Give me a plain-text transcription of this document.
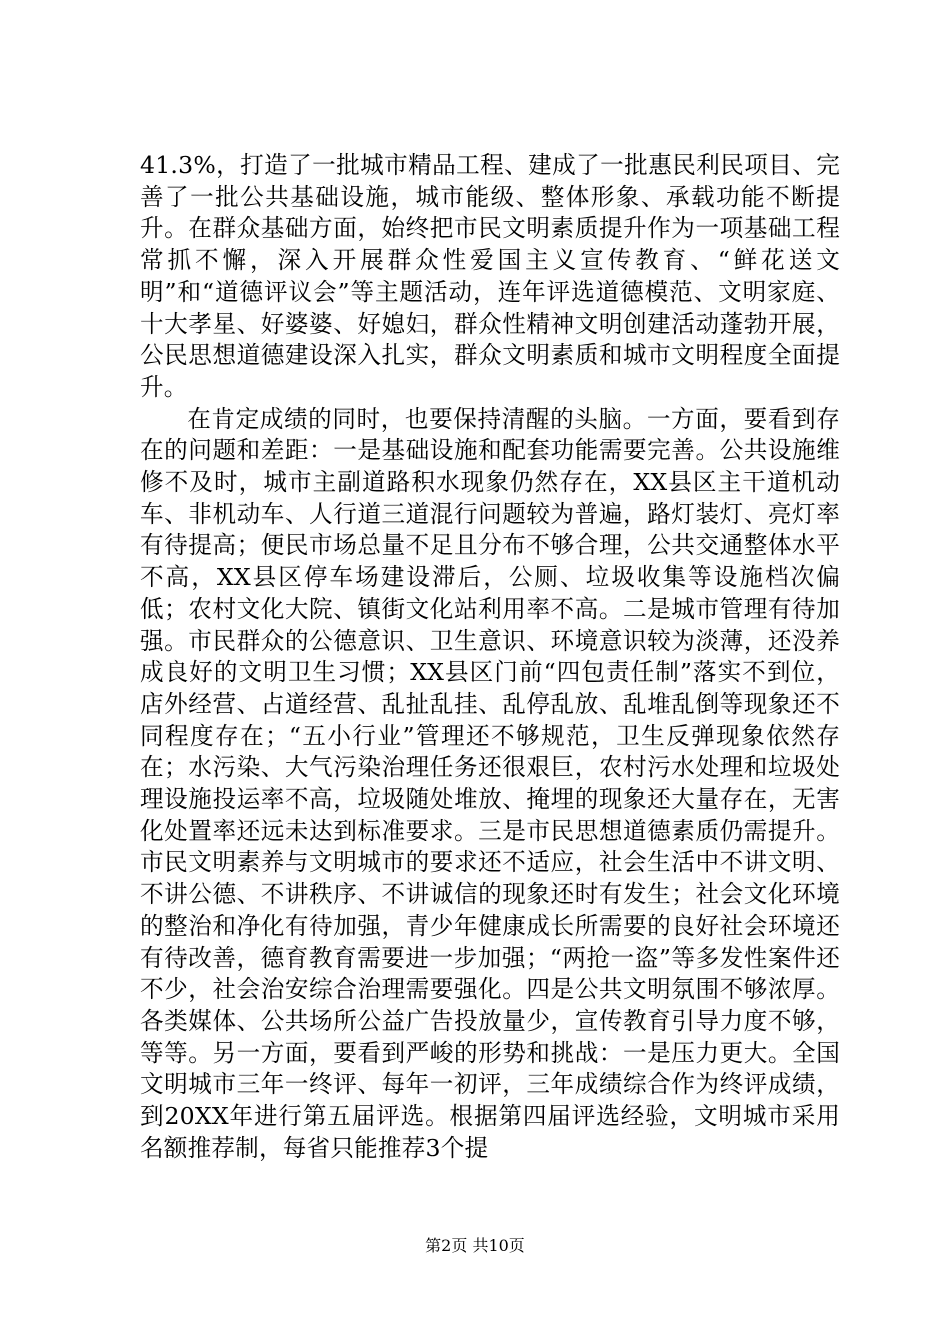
41.3%，打造了一批城市精品工程、建成了一批惠民利民项目、完善了一批公共基础设施，城市能级、整体形象、承载功能不断提升。在群众基础方面，始终把市民文明素质提升作为一项基础工程常抓不懈，深入开展群众性爱国主义宣传教育、“鲜花送文明”和“道德评议会”等主题活动，连年评选道德模范、文明家庭、十大孝星、好婆婆、好媳妇，群众性精神文明创建活动蓬勃开展，公民思想道德建设深入扎实，群众文明素质和城市文明程度全面提升。

在肯定成绩的同时，也要保持清醒的头脑。一方面，要看到存在的问题和差距：一是基础设施和配套功能需要完善。公共设施维修不及时，城市主副道路积水现象仍然存在，XX县区主干道机动车、非机动车、人行道三道混行问题较为普遍，路灯装灯、亮灯率有待提高；便民市场总量不足且分布不够合理，公共交通整体水平不高，XX县区停车场建设滞后，公厕、垃圾收集等设施档次偏低；农村文化大院、镇街文化站利用率不高。二是城市管理有待加强。市民群众的公德意识、卫生意识、环境意识较为淡薄，还没养成良好的文明卫生习惯；XX县区门前“四包责任制”落实不到位，店外经营、占道经营、乱扯乱挂、乱停乱放、乱堆乱倒等现象还不同程度存在；“五小行业”管理还不够规范，卫生反弹现象依然存在；水污染、大气污染治理任务还很艰巨，农村污水处理和垃圾处理设施投运率不高，垃圾随处堆放、掩埋的现象还大量存在，无害化处置率还远未达到标准要求。三是市民思想道德素质仍需提升。市民文明素养与文明城市的要求还不适应，社会生活中不讲文明、不讲公德、不讲秩序、不讲诚信的现象还时有发生；社会文化环境的整治和净化有待加强，青少年健康成长所需要的良好社会环境还有待改善，德育教育需要进一步加强；“两抢一盗”等多发性案件还不少，社会治安综合治理需要强化。四是公共文明氛围不够浓厚。各类媒体、公共场所公益广告投放量少，宣传教育引导力度不够，等等。另一方面，要看到严峻的形势和挑战：一是压力更大。全国文明城市三年一终评、每年一初评，三年成绩综合作为终评成绩，到20XX年进行第五届评选。根据第四届评选经验，文明城市采用名额推荐制，每省只能推荐3个提

第2页 共10页
